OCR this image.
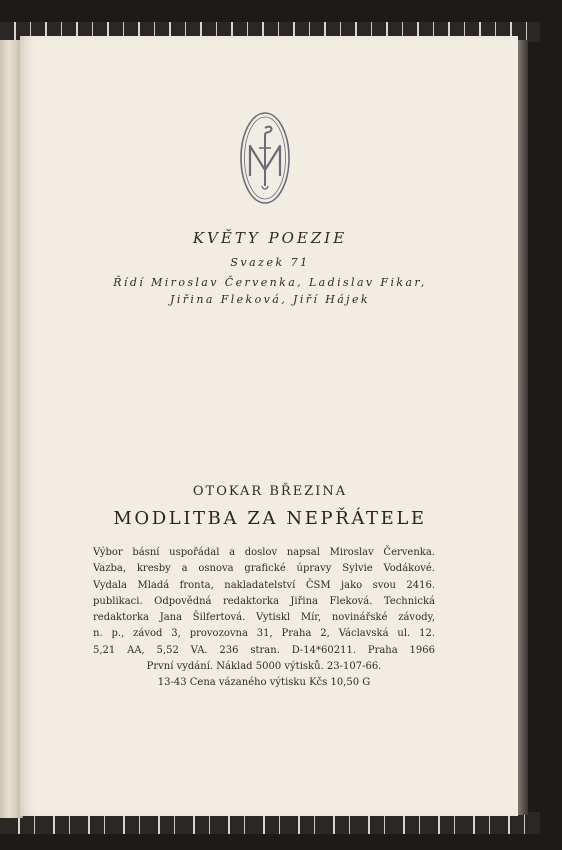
KVĚTY POEZIE

Svazek 71

Řídí Miroslav Červenka, Ladislav Fikar,
Jiřina Fleková, Jiří Hájek

OTOKAR BŘEZINA

MODLITBA ZA NEPŘÁTELE

Výbor básní uspořádal a doslov napsal Miroslav Červenka.
Vazba, kresby a osnova grafické úpravy Sylvie Vodákové.
Vydala Mladá fronta, nakladatelství ČSM jako svou 2416.
publikaci. Odpovědná redaktorka Jiřina Fleková. Technická
redaktorka Jana Šilfertová. Vytiskl Mír, novinářské závody,
n. p., závod 3, provozovna 31, Praha 2, Václavská ul. 12.
5,21 AA, 5,52 VA. 236 stran. D-14*60211. Praha 1966
První vydání. Náklad 5000 výtisků. 23-107-66.
13-43 Cena vázaného výtisku Kčs 10,50 G
